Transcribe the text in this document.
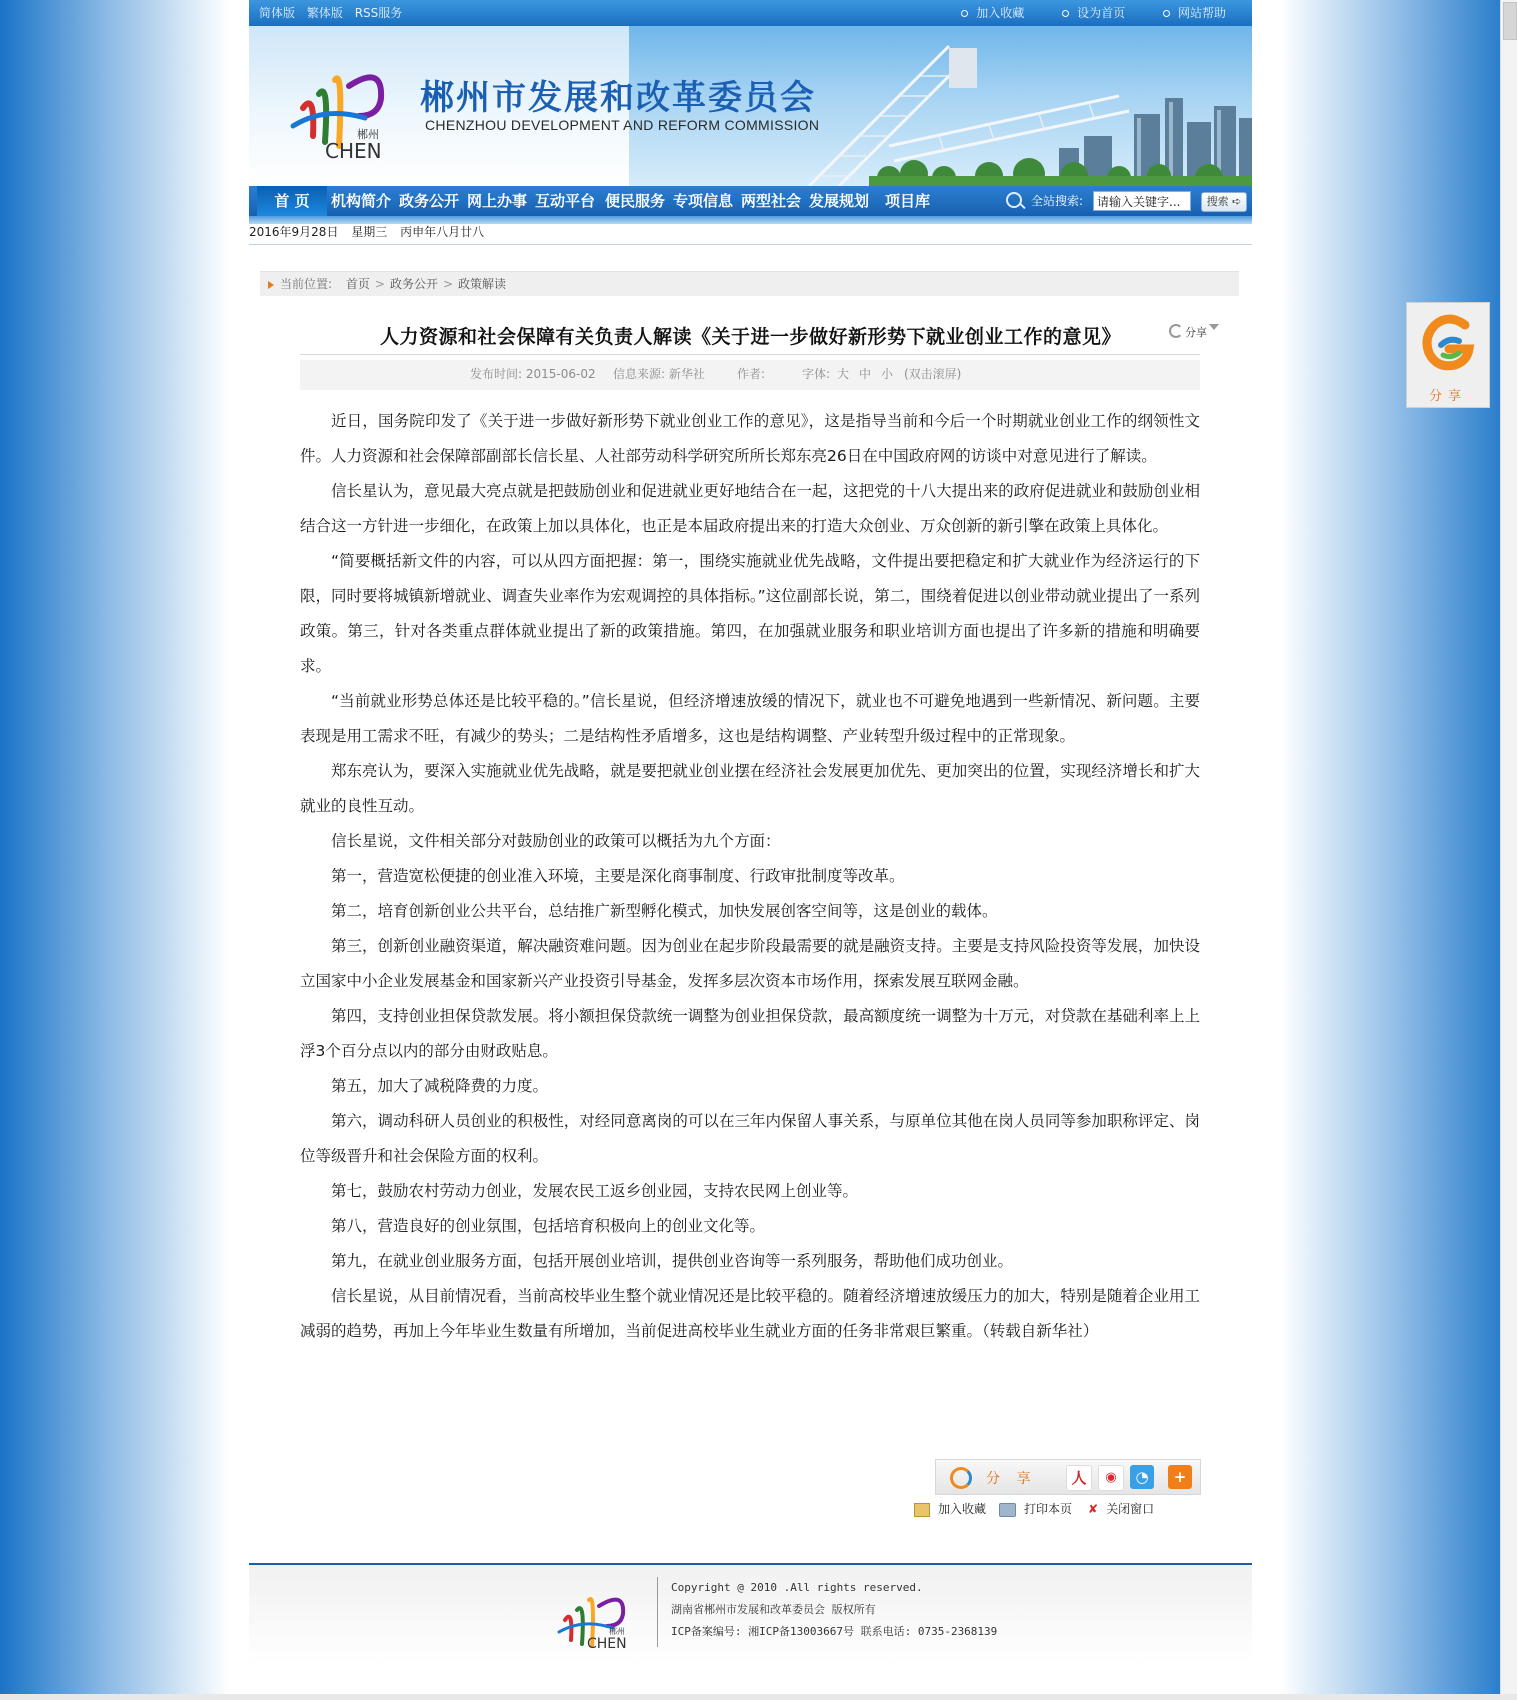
简体版 繁体版 RSS服务	加入收藏	设为首页	网站帮助
郴州
CHEN
郴州市发展和改革委员会
CHENZHOU DEVELOPMENT AND REFORM COMMISSION
首 页	机构简介 政务公开 网上办事 互动平台 便民服务 专项信息 两型社会 发展规划 项目库	全站搜索:
请输入关键字...	搜索 ➪
2016年9月28日 星期三 丙申年八月廿八
当前位置: 首页 > 政务公开 > 政策解读
人力资源和社会保障有关负责人解读《关于进一步做好新形势下就业创业工作的意见》	分享
发布时间: 2015-06-02 信息来源: 新华社	作者:	字体: 大 中 小 (双击滚屏)

近日，国务院印发了《关于进一步做好新形势下就业创业工作的意见》，这是指导当前和今后一个时期就业创业工作的纲领性文件。人力资源和社会保障部副部长信长星、人社部劳动科学研究所所长郑东亮26日在中国政府网的访谈中对意见进行了解读。

信长星认为，意见最大亮点就是把鼓励创业和促进就业更好地结合在一起，这把党的十八大提出来的政府促进就业和鼓励创业相结合这一方针进一步细化，在政策上加以具体化，也正是本届政府提出来的打造大众创业、万众创新的新引擎在政策上具体化。

“简要概括新文件的内容，可以从四方面把握：第一，围绕实施就业优先战略，文件提出要把稳定和扩大就业作为经济运行的下限，同时要将城镇新增就业、调查失业率作为宏观调控的具体指标。”这位副部长说，第二，围绕着促进以创业带动就业提出了一系列政策。第三，针对各类重点群体就业提出了新的政策措施。第四，在加强就业服务和职业培训方面也提出了许多新的措施和明确要求。

“当前就业形势总体还是比较平稳的。”信长星说，但经济增速放缓的情况下，就业也不可避免地遇到一些新情况、新问题。主要表现是用工需求不旺，有减少的势头；二是结构性矛盾增多，这也是结构调整、产业转型升级过程中的正常现象。

郑东亮认为，要深入实施就业优先战略，就是要把就业创业摆在经济社会发展更加优先、更加突出的位置，实现经济增长和扩大就业的良性互动。

信长星说，文件相关部分对鼓励创业的政策可以概括为九个方面：

第一，营造宽松便捷的创业准入环境，主要是深化商事制度、行政审批制度等改革。

第二，培育创新创业公共平台，总结推广新型孵化模式，加快发展创客空间等，这是创业的载体。

第三，创新创业融资渠道，解决融资难问题。因为创业在起步阶段最需要的就是融资支持。主要是支持风险投资等发展，加快设立国家中小企业发展基金和国家新兴产业投资引导基金，发挥多层次资本市场作用，探索发展互联网金融。

第四，支持创业担保贷款发展。将小额担保贷款统一调整为创业担保贷款，最高额度统一调整为十万元，对贷款在基础利率上上浮3个百分点以内的部分由财政贴息。

第五，加大了减税降费的力度。

第六，调动科研人员创业的积极性，对经同意离岗的可以在三年内保留人事关系，与原单位其他在岗人员同等参加职称评定、岗位等级晋升和社会保险方面的权利。

第七，鼓励农村劳动力创业，发展农民工返乡创业园，支持农民网上创业等。

第八，营造良好的创业氛围，包括培育积极向上的创业文化等。

第九，在就业创业服务方面，包括开展创业培训，提供创业咨询等一系列服务，帮助他们成功创业。

信长星说，从目前情况看，当前高校毕业生整个就业情况还是比较平稳的。随着经济增速放缓压力的加大，特别是随着企业用工减弱的趋势，再加上今年毕业生数量有所增加，当前促进高校毕业生就业方面的任务非常艰巨繁重。（转载自新华社）

分 享	人	◉	◔	+
加入收藏	打印本页 ✘ 关闭窗口
郴州
CHEN
Copyright @ 2010 .All rights reserved.
湖南省郴州市发展和改革委员会 版权所有
ICP备案编号: 湘ICP备13003667号 联系电话: 0735-2368139
分享
